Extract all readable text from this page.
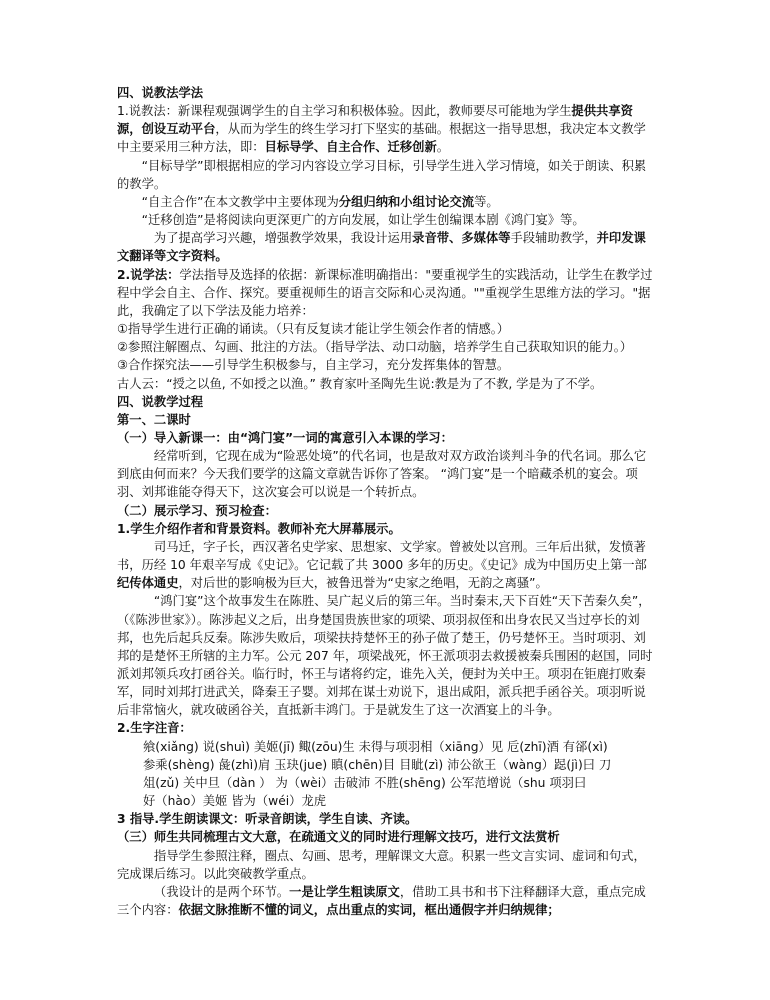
四、说教法学法

1.说教法：新课程观强调学生的自主学习和积极体验。因此，教师要尽可能地为学生提供共享资源，创设互动平台，从而为学生的终生学习打下坚实的基础。根据这一指导思想，我决定本文教学中主要采用三种方法，即：目标导学、自主合作、迁移创新。

“目标导学”即根据相应的学习内容设立学习目标，引导学生进入学习情境，如关于朗读、积累的教学。

“自主合作”在本文教学中主要体现为分组归纳和小组讨论交流等。

“迁移创造”是将阅读向更深更广的方向发展，如让学生创编课本剧《鸿门宴》等。

为了提高学习兴趣，增强教学效果，我设计运用录音带、多媒体等手段辅助教学，并印发课文翻译等文字资料。

2.说学法：学法指导及选择的依据：新课标准明确指出："要重视学生的实践活动，让学生在教学过程中学会自主、合作、探究。要重视师生的语言交际和心灵沟通。""重视学生思维方法的学习。"据此，我确定了以下学法及能力培养：

①指导学生进行正确的诵读。（只有反复读才能让学生领会作者的情感。）

②参照注解圈点、勾画、批注的方法。（指导学法、动口动脑，培养学生自己获取知识的能力。）

③合作探究法——引导学生积极参与，自主学习，充分发挥集体的智慧。

古人云：“授之以鱼, 不如授之以渔。” 教育家叶圣陶先生说:教是为了不教, 学是为了不学。

四、说教学过程

第一、二课时

（一）导入新课一：由“鸿门宴”一词的寓意引入本课的学习：

经常听到，它现在成为“险恶处境”的代名词，也是敌对双方政治谈判斗争的代名词。那么它到底由何而来？今天我们要学的这篇文章就告诉你了答案。 “鸿门宴”是一个暗藏杀机的宴会。项羽、刘邦谁能夺得天下，这次宴会可以说是一个转折点。

（二）展示学习、预习检查：

1.学生介绍作者和背景资料。教师补充大屏幕展示。

司马迁，字子长，西汉著名史学家、思想家、文学家。曾被处以宫刑。三年后出狱，发愤著书，历经 10 年艰辛写成《史记》。它记载了共 3000 多年的历史。《史记》成为中国历史上第一部纪传体通史，对后世的影响极为巨大，被鲁迅誉为“史家之绝唱，无韵之离骚”。

“鸿门宴”这个故事发生在陈胜、吴广起义后的第三年。当时秦末,天下百姓“天下苦秦久矣”，（《陈涉世家》）。陈涉起义之后，出身楚国贵族世家的项梁、项羽叔侄和出身农民又当过亭长的刘邦，也先后起兵反秦。陈涉失败后，项梁扶持楚怀王的孙子做了楚王，仍号楚怀王。当时项羽、刘邦的是楚怀王所辖的主力军。公元 207 年，项梁战死，怀王派项羽去救援被秦兵围困的赵国，同时派刘邦领兵攻打函谷关。临行时，怀王与诸将约定，谁先入关，便封为关中王。项羽在钜鹿打败秦军，同时刘邦打进武关，降秦王子婴。刘邦在谋士劝说下，退出咸阳，派兵把手函谷关。项羽听说后非常恼火，就攻破函谷关，直抵新丰鸿门。于是就发生了这一次酒宴上的斗争。

2.生字注音：

飨(xiǎng) 说(shuì) 美姬(jī) 鲰(zōu)生 未得与项羽相（xiāng）见 卮(zhī)酒 有郤(xì)

参乘(shèng) 彘(zhì)肩 玉玦(jue) 瞋(chēn)目 目眦(zì) 沛公欲王（wàng）跽(jì)曰 刀

俎(zǔ) 关中旦（dàn ） 为（wèi）击破沛 不胜(shēng) 公军范增说（shu 项羽曰

好（hào）美姬 皆为（wéi）龙虎

3 指导.学生朗读课文：听录音朗读，学生自读、齐读。

（三）师生共同梳理古文大意，在疏通文义的同时进行理解文技巧，进行文法赏析

指导学生参照注释，圈点、勾画、思考，理解课文大意。积累一些文言实词、虚词和句式，完成课后练习。以此突破教学重点。

（我设计的是两个环节。一是让学生粗读原文，借助工具书和书下注释翻译大意，重点完成三个内容：依据文脉推断不懂的词义，点出重点的实词，框出通假字并归纳规律；
